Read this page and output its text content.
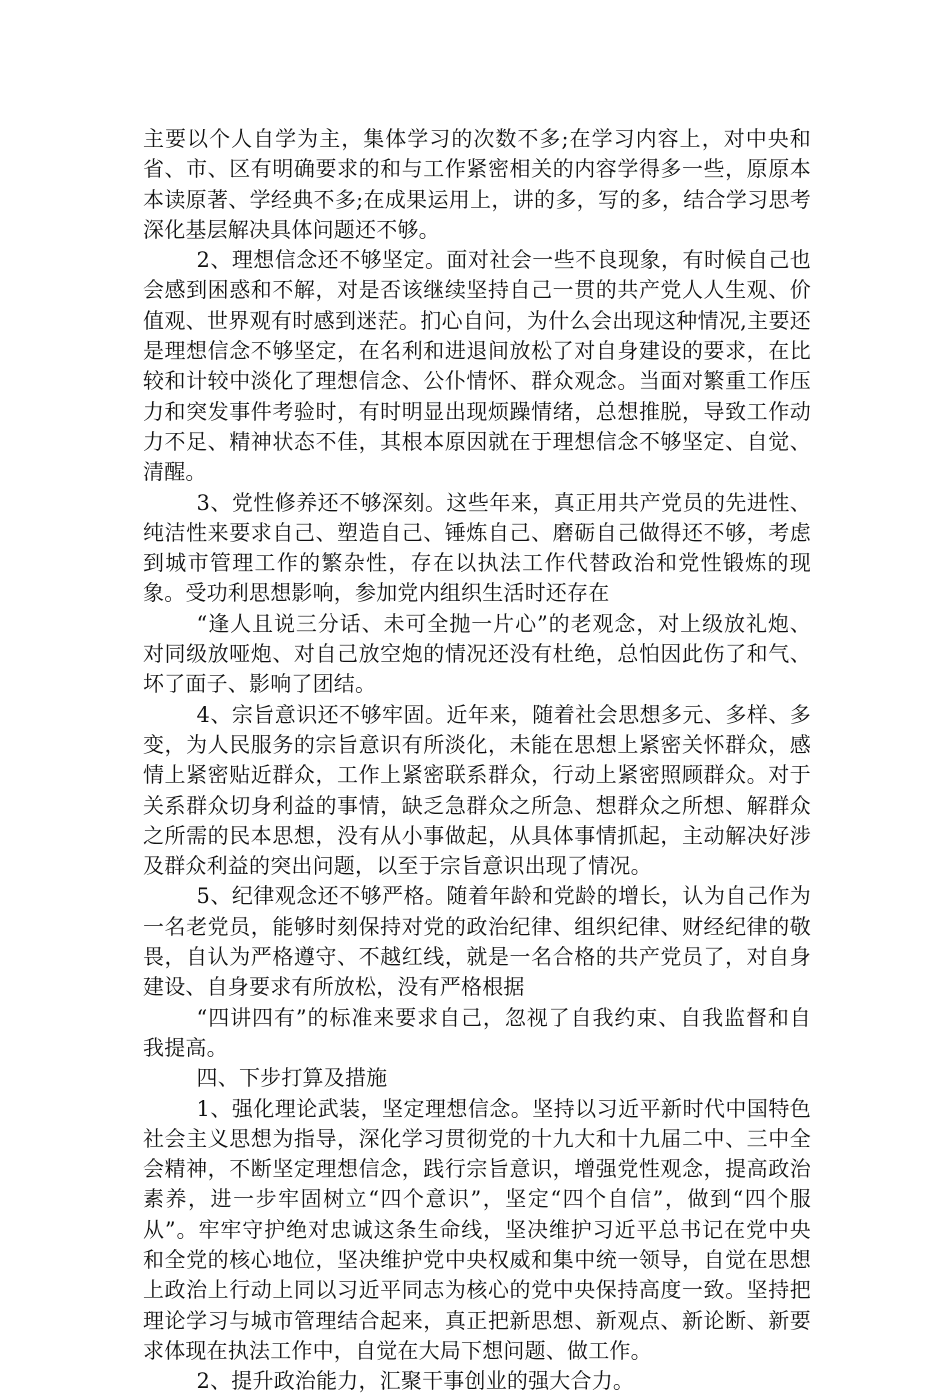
主要以个人自学为主，集体学习的次数不多;在学习内容上，对中央和省、市、区有明确要求的和与工作紧密相关的内容学得多一些，原原本本读原著、学经典不多;在成果运用上，讲的多，写的多，结合学习思考深化基层解决具体问题还不够。

2、理想信念还不够坚定。面对社会一些不良现象，有时候自己也会感到困惑和不解，对是否该继续坚持自己一贯的共产党人人生观、价值观、世界观有时感到迷茫。扪心自问，为什么会出现这种情况,主要还是理想信念不够坚定，在名利和进退间放松了对自身建设的要求，在比较和计较中淡化了理想信念、公仆情怀、群众观念。当面对繁重工作压力和突发事件考验时，有时明显出现烦躁情绪，总想推脱，导致工作动力不足、精神状态不佳，其根本原因就在于理想信念不够坚定、自觉、清醒。

3、党性修养还不够深刻。这些年来，真正用共产党员的先进性、纯洁性来要求自己、塑造自己、锤炼自己、磨砺自己做得还不够，考虑到城市管理工作的繁杂性，存在以执法工作代替政治和党性锻炼的现象。受功利思想影响，参加党内组织生活时还存在

“逢人且说三分话、未可全抛一片心”的老观念，对上级放礼炮、对同级放哑炮、对自己放空炮的情况还没有杜绝，总怕因此伤了和气、坏了面子、影响了团结。

4、宗旨意识还不够牢固。近年来，随着社会思想多元、多样、多变，为人民服务的宗旨意识有所淡化，未能在思想上紧密关怀群众，感情上紧密贴近群众，工作上紧密联系群众，行动上紧密照顾群众。对于关系群众切身利益的事情，缺乏急群众之所急、想群众之所想、解群众之所需的民本思想，没有从小事做起，从具体事情抓起，主动解决好涉及群众利益的突出问题，以至于宗旨意识出现了情况。

5、纪律观念还不够严格。随着年龄和党龄的增长，认为自己作为一名老党员，能够时刻保持对党的政治纪律、组织纪律、财经纪律的敬畏，自认为严格遵守、不越红线，就是一名合格的共产党员了，对自身建设、自身要求有所放松，没有严格根据

“四讲四有”的标准来要求自己，忽视了自我约束、自我监督和自我提高。

四、下步打算及措施

1、强化理论武装，坚定理想信念。坚持以习近平新时代中国特色社会主义思想为指导，深化学习贯彻党的十九大和十九届二中、三中全会精神，不断坚定理想信念，践行宗旨意识，增强党性观念，提高政治素养，进一步牢固树立“四个意识”，坚定“四个自信”，做到“四个服从”。牢牢守护绝对忠诚这条生命线，坚决维护习近平总书记在党中央和全党的核心地位，坚决维护党中央权威和集中统一领导，自觉在思想上政治上行动上同以习近平同志为核心的党中央保持高度一致。坚持把理论学习与城市管理结合起来，真正把新思想、新观点、新论断、新要求体现在执法工作中，自觉在大局下想问题、做工作。

2、提升政治能力，汇聚干事创业的强大合力。
